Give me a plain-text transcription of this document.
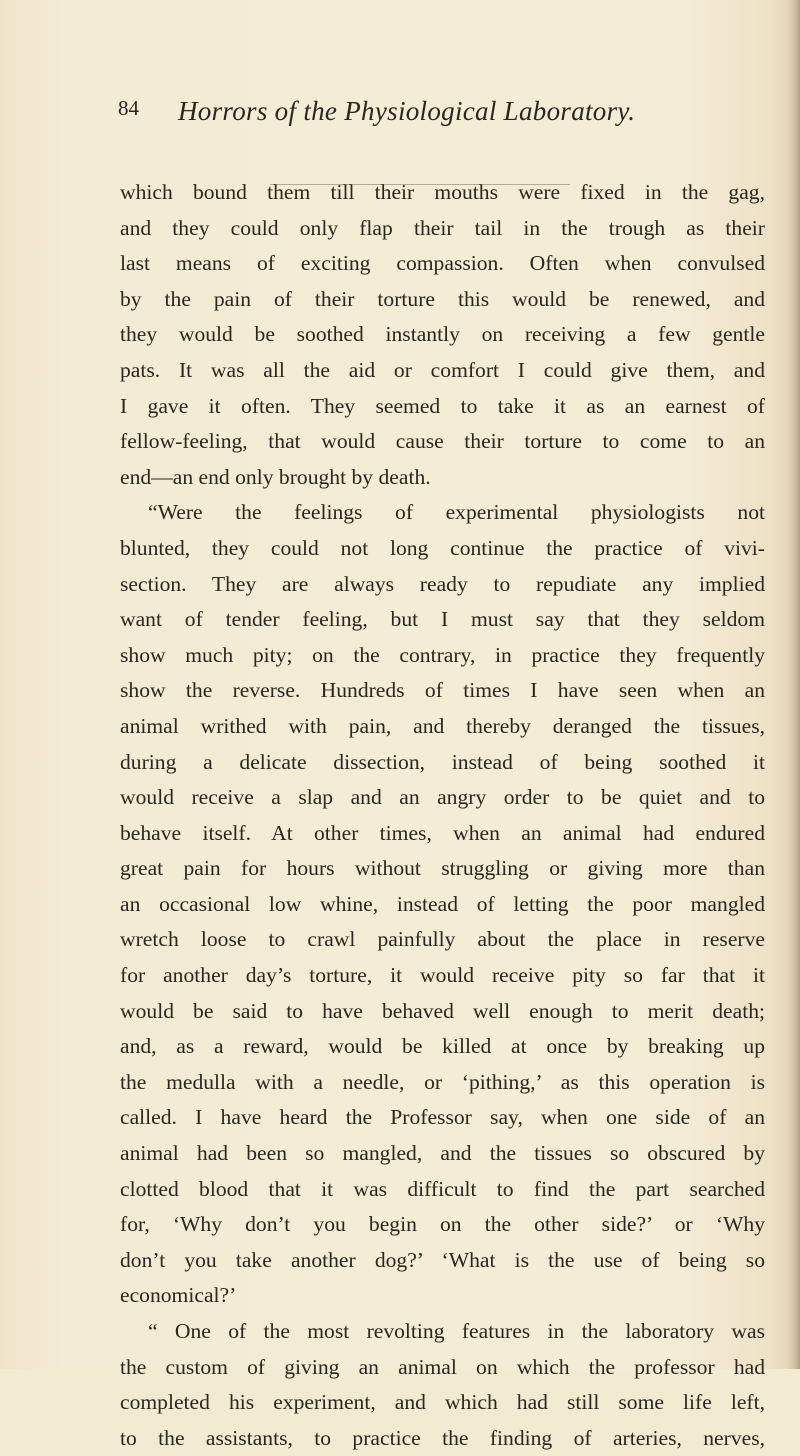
84 Horrors of the Physiological Laboratory.
which bound them till their mouths were fixed in the gag,
and they could only flap their tail in the trough as their
last means of exciting compassion. Often when convulsed
by the pain of their torture this would be renewed, and
they would be soothed instantly on receiving a few gentle
pats. It was all the aid or comfort I could give them, and
I gave it often. They seemed to take it as an earnest of
fellow-feeling, that would cause their torture to come to an
end—an end only brought by death.
“Were the feelings of experimental physiologists not
blunted, they could not long continue the practice of vivi-
section. They are always ready to repudiate any implied
want of tender feeling, but I must say that they seldom
show much pity; on the contrary, in practice they frequently
show the reverse. Hundreds of times I have seen when an
animal writhed with pain, and thereby deranged the tissues,
during a delicate dissection, instead of being soothed it
would receive a slap and an angry order to be quiet and to
behave itself. At other times, when an animal had endured
great pain for hours without struggling or giving more than
an occasional low whine, instead of letting the poor mangled
wretch loose to crawl painfully about the place in reserve
for another day’s torture, it would receive pity so far that it
would be said to have behaved well enough to merit death;
and, as a reward, would be killed at once by breaking up
the medulla with a needle, or ‘pithing,’ as this operation is
called. I have heard the Professor say, when one side of an
animal had been so mangled, and the tissues so obscured by
clotted blood that it was difficult to find the part searched
for, ‘Why don’t you begin on the other side?’ or ‘Why
don’t you take another dog?’ ‘What is the use of being so
economical?’
“ One of the most revolting features in the laboratory was
the custom of giving an animal on which the professor had
completed his experiment, and which had still some life left,
to the assistants, to practice the finding of arteries, nerves,
